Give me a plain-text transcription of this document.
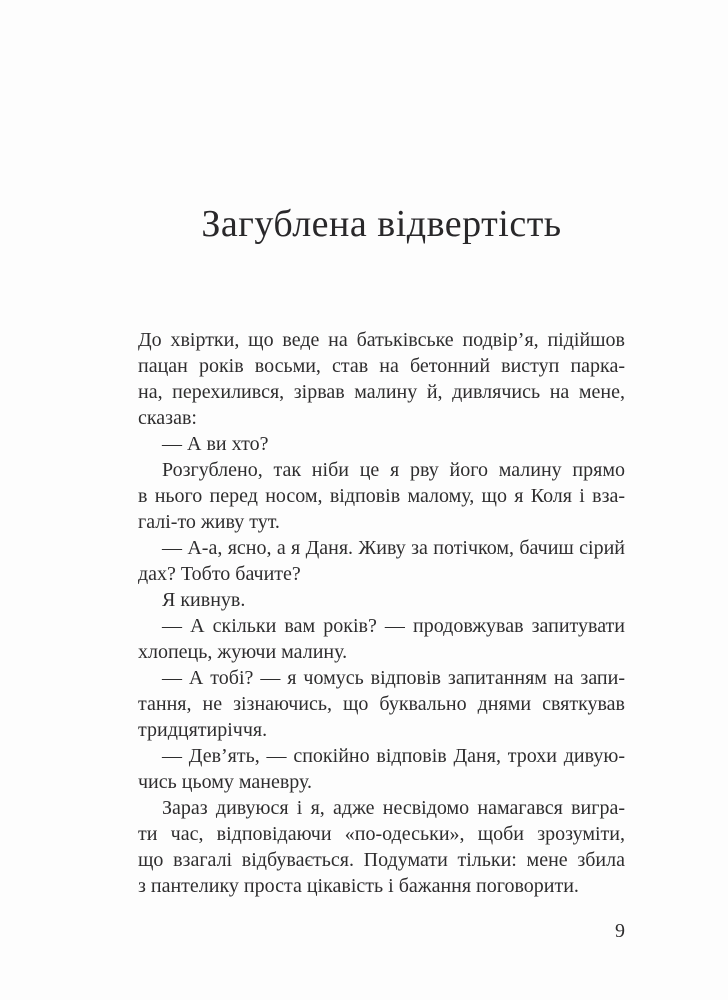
Загублена відвертість
До хвіртки, що веде на батьківське подвір’я, підійшов
пацан років восьми, став на бетонний виступ парка-
на, перехилився, зірвав малину й, дивлячись на мене,
сказав:
— А ви хто?
Розгублено, так ніби це я рву його малину прямо
в нього перед носом, відповів малому, що я Коля і вза-
галі-то живу тут.
— А-а, ясно, а я Даня. Живу за потічком, бачиш сірий
дах? Тобто бачите?
Я кивнув.
— А скільки вам років? — продовжував запитувати
хлопець, жуючи малину.
— А тобі? — я чомусь відповів запитанням на запи-
тання, не зізнаючись, що буквально днями святкував
тридцятиріччя.
— Дев’ять, — спокійно відповів Даня, трохи дивую-
чись цьому маневру.
Зараз дивуюся і я, адже несвідомо намагався вигра-
ти час, відповідаючи «по-одеськи», щоби зрозуміти,
що взагалі відбувається. Подумати тільки: мене збила
з пантелику проста цікавість і бажання поговорити.
9
